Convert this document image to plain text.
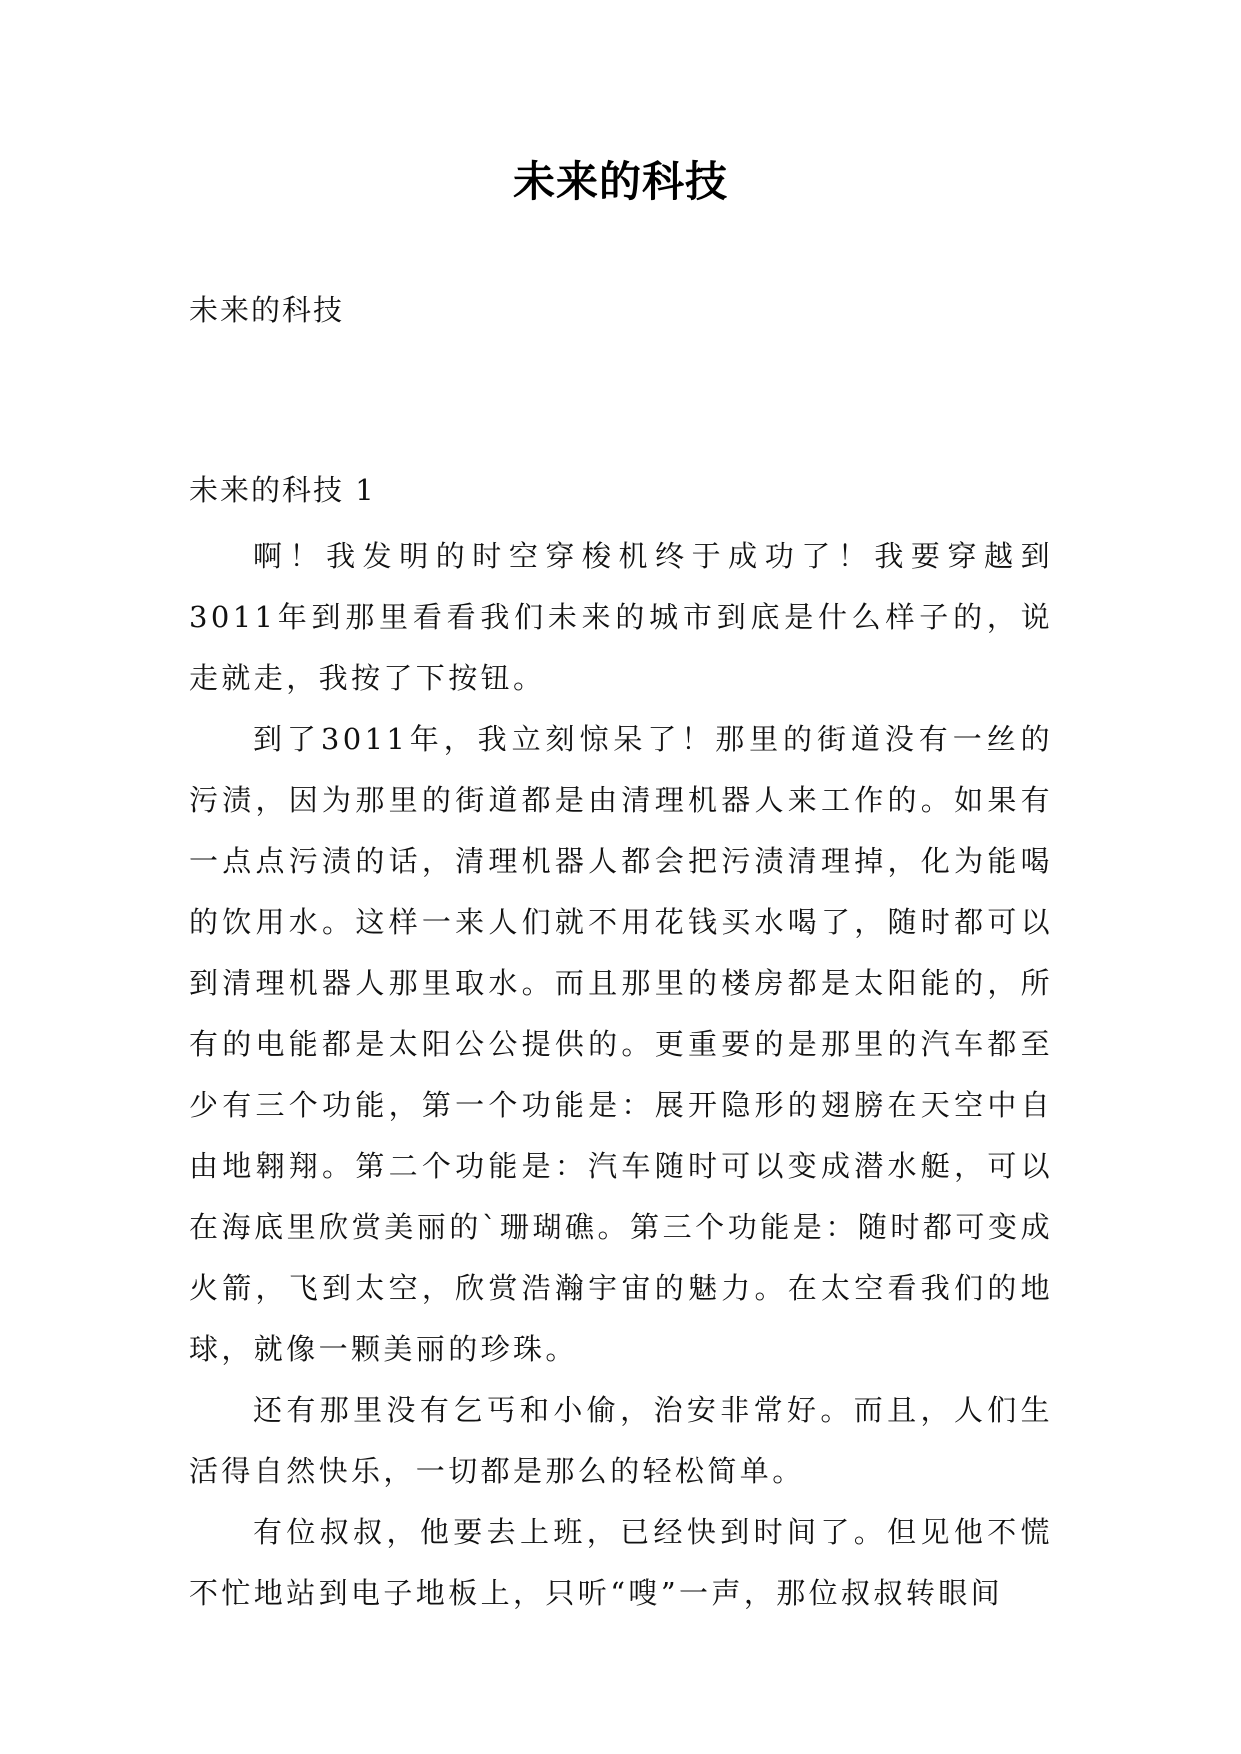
未来的科技
未来的科技
未来的科技 1

啊！我发明的时空穿梭机终于成功了！我要穿越到3011年到那里看看我们未来的城市到底是什么样子的，说走就走，我按了下按钮。

到了3011年，我立刻惊呆了！那里的街道没有一丝的污渍，因为那里的街道都是由清理机器人来工作的。如果有一点点污渍的话，清理机器人都会把污渍清理掉，化为能喝的饮用水。这样一来人们就不用花钱买水喝了，随时都可以到清理机器人那里取水。而且那里的楼房都是太阳能的，所有的电能都是太阳公公提供的。更重要的是那里的汽车都至少有三个功能，第一个功能是：展开隐形的翅膀在天空中自由地翱翔。第二个功能是：汽车随时可以变成潜水艇，可以在海底里欣赏美丽的`珊瑚礁。第三个功能是：随时都可变成火箭，飞到太空，欣赏浩瀚宇宙的魅力。在太空看我们的地球，就像一颗美丽的珍珠。

还有那里没有乞丐和小偷，治安非常好。而且，人们生活得自然快乐，一切都是那么的轻松简单。

有位叔叔，他要去上班，已经快到时间了。但见他不慌不忙地站到电子地板上，只听“嗖”一声，那位叔叔转眼间
